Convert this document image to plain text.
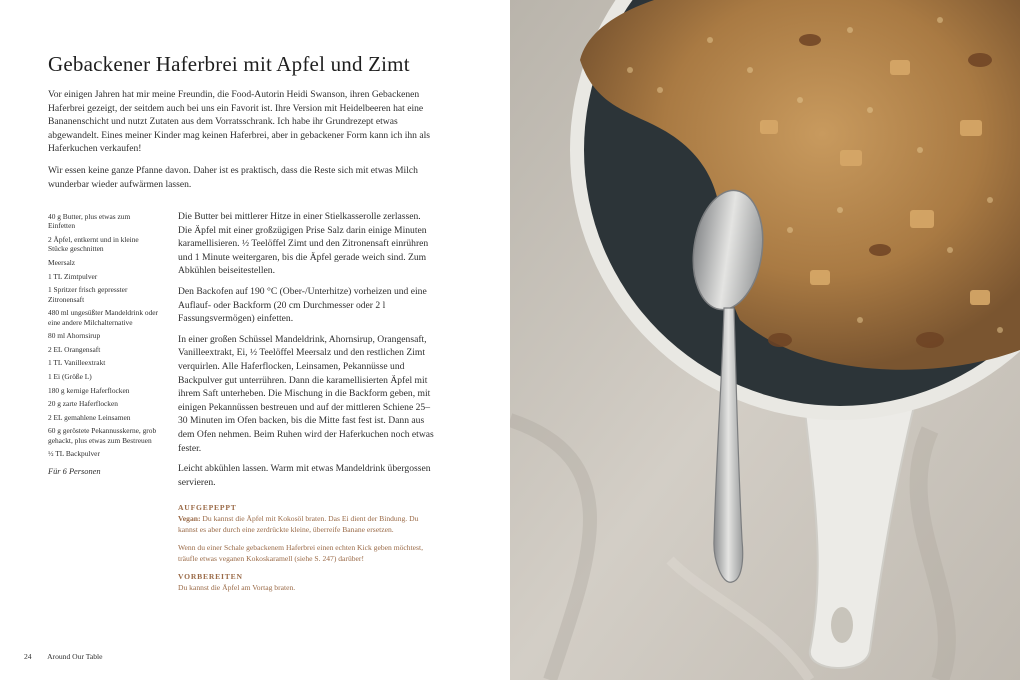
Gebackener Haferbrei mit Apfel und Zimt

Vor einigen Jahren hat mir meine Freundin, die Food-Autorin Heidi Swanson, ihren Gebackenen Haferbrei gezeigt, der seitdem auch bei uns ein Favorit ist. Ihre Version mit Heidelbeeren hat eine Bananenschicht und nutzt Zutaten aus dem Vorratsschrank. Ich habe ihr Grundrezept etwas abgewandelt. Eines meiner Kinder mag keinen Haferbrei, aber in gebackener Form kann ich ihn als Haferkuchen verkaufen!

Wir essen keine ganze Pfanne davon. Daher ist es praktisch, dass die Reste sich mit etwas Milch wunderbar wieder aufwärmen lassen.

40 g Butter, plus etwas zum Einfetten
2 Äpfel, entkernt und in kleine Stücke geschnitten
Meersalz
1 TL Zimtpulver
1 Spritzer frisch gepresster Zitronensaft
480 ml ungesüßter Mandeldrink oder eine andere Milchalternative
80 ml Ahornsirup
2 EL Orangensaft
1 TL Vanilleextrakt
1 Ei (Größe L)
180 g kernige Haferflocken
20 g zarte Haferflocken
2 EL gemahlene Leinsamen
60 g geröstete Pekannusskerne, grob gehackt, plus etwas zum Bestreuen
½ TL Backpulver
Für 6 Personen

Die Butter bei mittlerer Hitze in einer Stielkasserolle zerlassen. Die Äpfel mit einer großzügigen Prise Salz darin einige Minuten karamellisieren. ½ Teelöffel Zimt und den Zitronensaft einrühren und 1 Minute weitergaren, bis die Äpfel gerade weich sind. Zum Abkühlen beiseitestellen.

Den Backofen auf 190 °C (Ober-/Unterhitze) vorheizen und eine Auflauf- oder Backform (20 cm Durchmesser oder 2 l Fassungsvermögen) einfetten.

In einer großen Schüssel Mandeldrink, Ahornsirup, Orangensaft, Vanilleextrakt, Ei, ½ Teelöffel Meersalz und den restlichen Zimt verquirlen. Alle Haferflocken, Leinsamen, Pekannüsse und Backpulver gut unterrühren. Dann die karamellisierten Äpfel mit ihrem Saft unterheben. Die Mischung in die Backform geben, mit einigen Pekannüssen bestreuen und auf der mittleren Schiene 25–30 Minuten im Ofen backen, bis die Mitte fast fest ist. Dann aus dem Ofen nehmen. Beim Ruhen wird der Haferkuchen noch etwas fester.

Leicht abkühlen lassen. Warm mit etwas Mandeldrink übergossen servieren.

AUFGEPEPPT

Vegan: Du kannst die Äpfel mit Kokosöl braten. Das Ei dient der Bindung. Du kannst es aber durch eine zerdrückte kleine, überreife Banane ersetzen.

Wenn du einer Schale gebackenem Haferbrei einen echten Kick geben möchtest, träufle etwas veganen Kokoskaramell (siehe S. 247) darüber!

VORBEREITEN

Du kannst die Äpfel am Vortag braten.

24 Around Our Table
